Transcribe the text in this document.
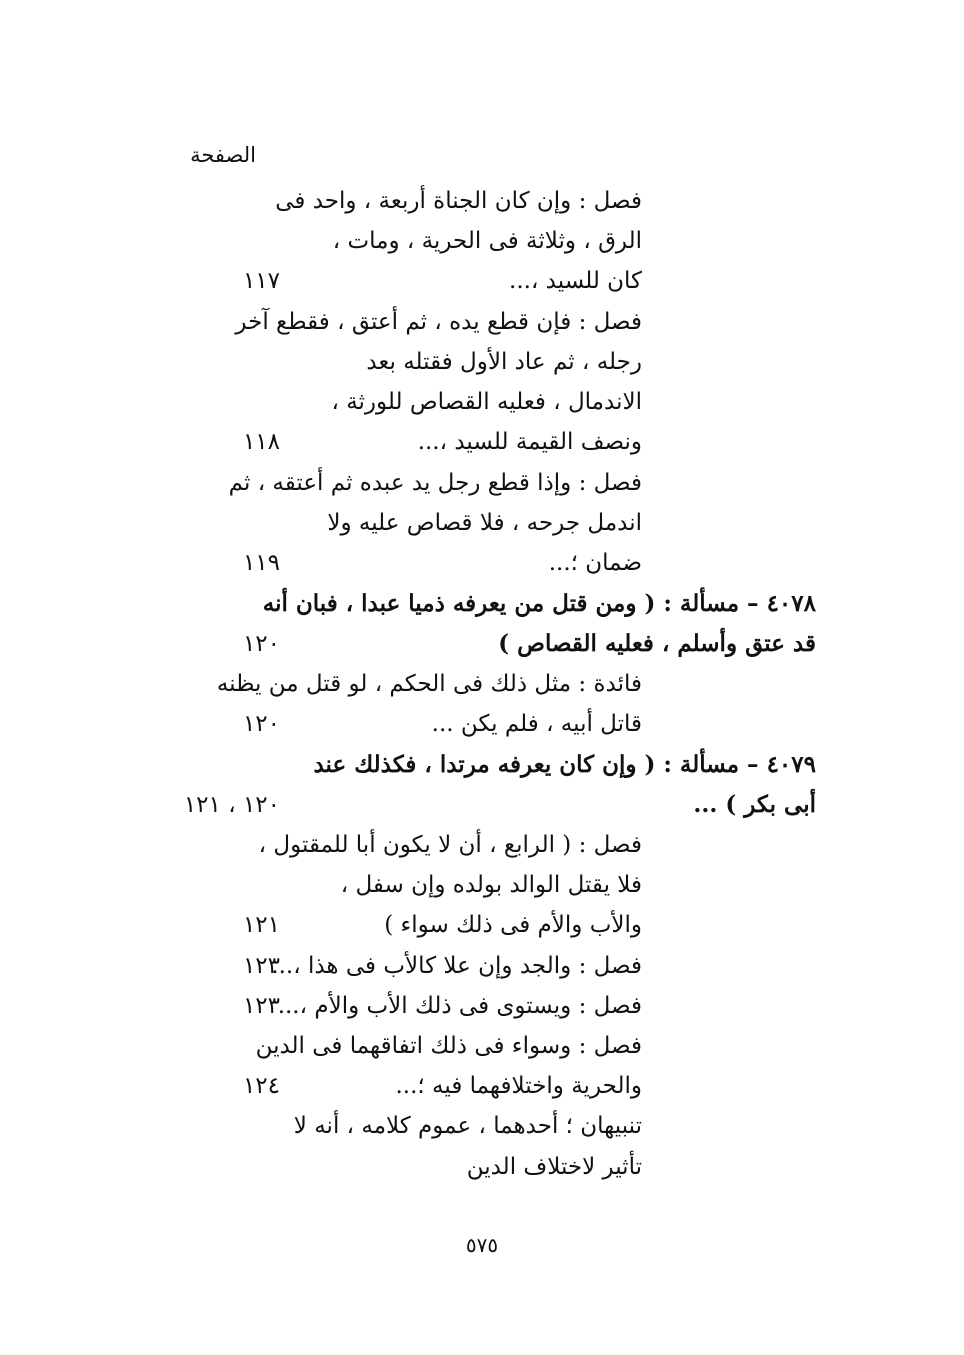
الصفحة
فصل : وإن كان الجناة أربعة ، واحد فى
الرق ، وثلاثة فى الحرية ، ومات ،
كان للسيد ،...
١١٧
فصل : فإن قطع يده ، ثم أعتق ، فقطع آخر
رجله ، ثم عاد الأول فقتله بعد
الاندمال ، فعليه القصاص للورثة ،
ونصف القيمة للسيد ،...
١١٨
فصل : وإذا قطع رجل يد عبده ثم أعتقه ، ثم
اندمل جرحه ، فلا قصاص عليه ولا
ضمان ؛...
١١٩
٤٠٧٨ – مسألة : ( ومن قتل من يعرفه ذميا عبدا ، فبان أنه
قد عتق وأسلم ، فعليه القصاص )
١٢٠
فائدة : مثل ذلك فى الحكم ، لو قتل من يظنه
قاتل أبيه ، فلم يكن ...
١٢٠
٤٠٧٩ – مسألة : ( وإن كان يعرفه مرتدا ، فكذلك عند
أبى بكر ) ...
١٢٠ ، ١٢١
فصل : ( الرابع ، أن لا يكون أبا للمقتول ،
فلا يقتل الوالد بولده وإن سفل ،
والأب والأم فى ذلك سواء )
١٢١
فصل : والجد وإن علا كالأب فى هذا ،...
١٢٣
فصل : ويستوى فى ذلك الأب والأم ،...
١٢٣
فصل : وسواء فى ذلك اتفاقهما فى الدين
والحرية واختلافهما فيه ؛...
١٢٤
تنبيهان ؛ أحدهما ، عموم كلامه ، أنه لا
تأثير لاختلاف الدين
٥٧٥
